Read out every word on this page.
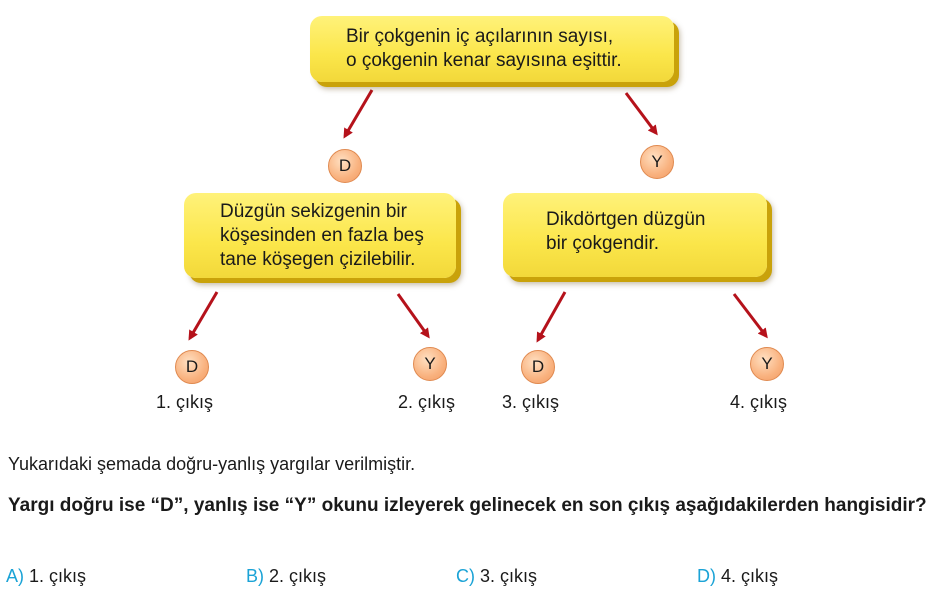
Bir çokgenin iç açılarının sayısı,
o çokgenin kenar sayısına eşittir.
D	Y
Düzgün sekizgenin bir
köşesinden en fazla beş
tane köşegen çizilebilir.
Dikdörtgen düzgün
bir çokgendir.
D	Y	D	Y
1. çıkış	2. çıkış	3. çıkış	4. çıkış
Yukarıdaki şemada doğru-yanlış yargılar verilmiştir.
Yargı doğru ise “D”, yanlış ise “Y” okunu izleyerek gelinecek en son çıkış aşağıdakilerden hangisidir?
A) 1. çıkış	B) 2. çıkış	C) 3. çıkış	D) 4. çıkış
